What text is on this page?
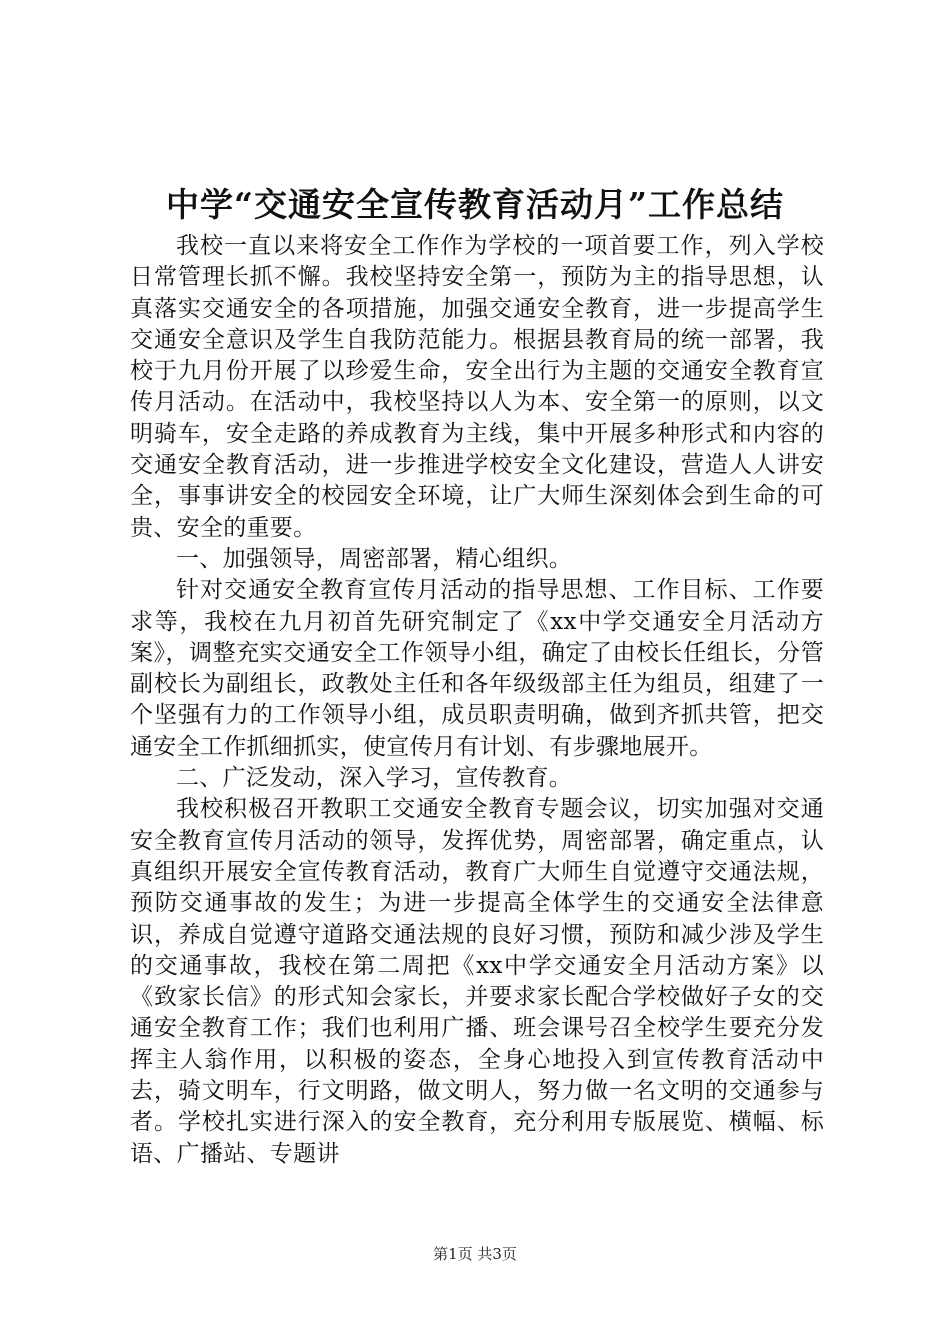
中学“交通安全宣传教育活动月”工作总结

我校一直以来将安全工作作为学校的一项首要工作，列入学校日常管理长抓不懈。我校坚持安全第一，预防为主的指导思想，认真落实交通安全的各项措施，加强交通安全教育，进一步提高学生交通安全意识及学生自我防范能力。根据县教育局的统一部署，我校于九月份开展了以珍爱生命，安全出行为主题的交通安全教育宣传月活动。在活动中，我校坚持以人为本、安全第一的原则，以文明骑车，安全走路的养成教育为主线，集中开展多种形式和内容的交通安全教育活动，进一步推进学校安全文化建设，营造人人讲安全，事事讲安全的校园安全环境，让广大师生深刻体会到生命的可贵、安全的重要。

一、加强领导，周密部署，精心组织。

针对交通安全教育宣传月活动的指导思想、工作目标、工作要求等，我校在九月初首先研究制定了《xx中学交通安全月活动方案》，调整充实交通安全工作领导小组，确定了由校长任组长，分管副校长为副组长，政教处主任和各年级级部主任为组员，组建了一个坚强有力的工作领导小组，成员职责明确，做到齐抓共管，把交通安全工作抓细抓实，使宣传月有计划、有步骤地展开。

二、广泛发动，深入学习，宣传教育。

我校积极召开教职工交通安全教育专题会议，切实加强对交通安全教育宣传月活动的领导，发挥优势，周密部署，确定重点，认真组织开展安全宣传教育活动，教育广大师生自觉遵守交通法规，预防交通事故的发生；为进一步提高全体学生的交通安全法律意识，养成自觉遵守道路交通法规的良好习惯，预防和减少涉及学生的交通事故，我校在第二周把《xx中学交通安全月活动方案》以《致家长信》的形式知会家长，并要求家长配合学校做好子女的交通安全教育工作；我们也利用广播、班会课号召全校学生要充分发挥主人翁作用，以积极的姿态，全身心地投入到宣传教育活动中去，骑文明车，行文明路，做文明人，努力做一名文明的交通参与者。学校扎实进行深入的安全教育，充分利用专版展览、横幅、标语、广播站、专题讲

第1页 共3页
